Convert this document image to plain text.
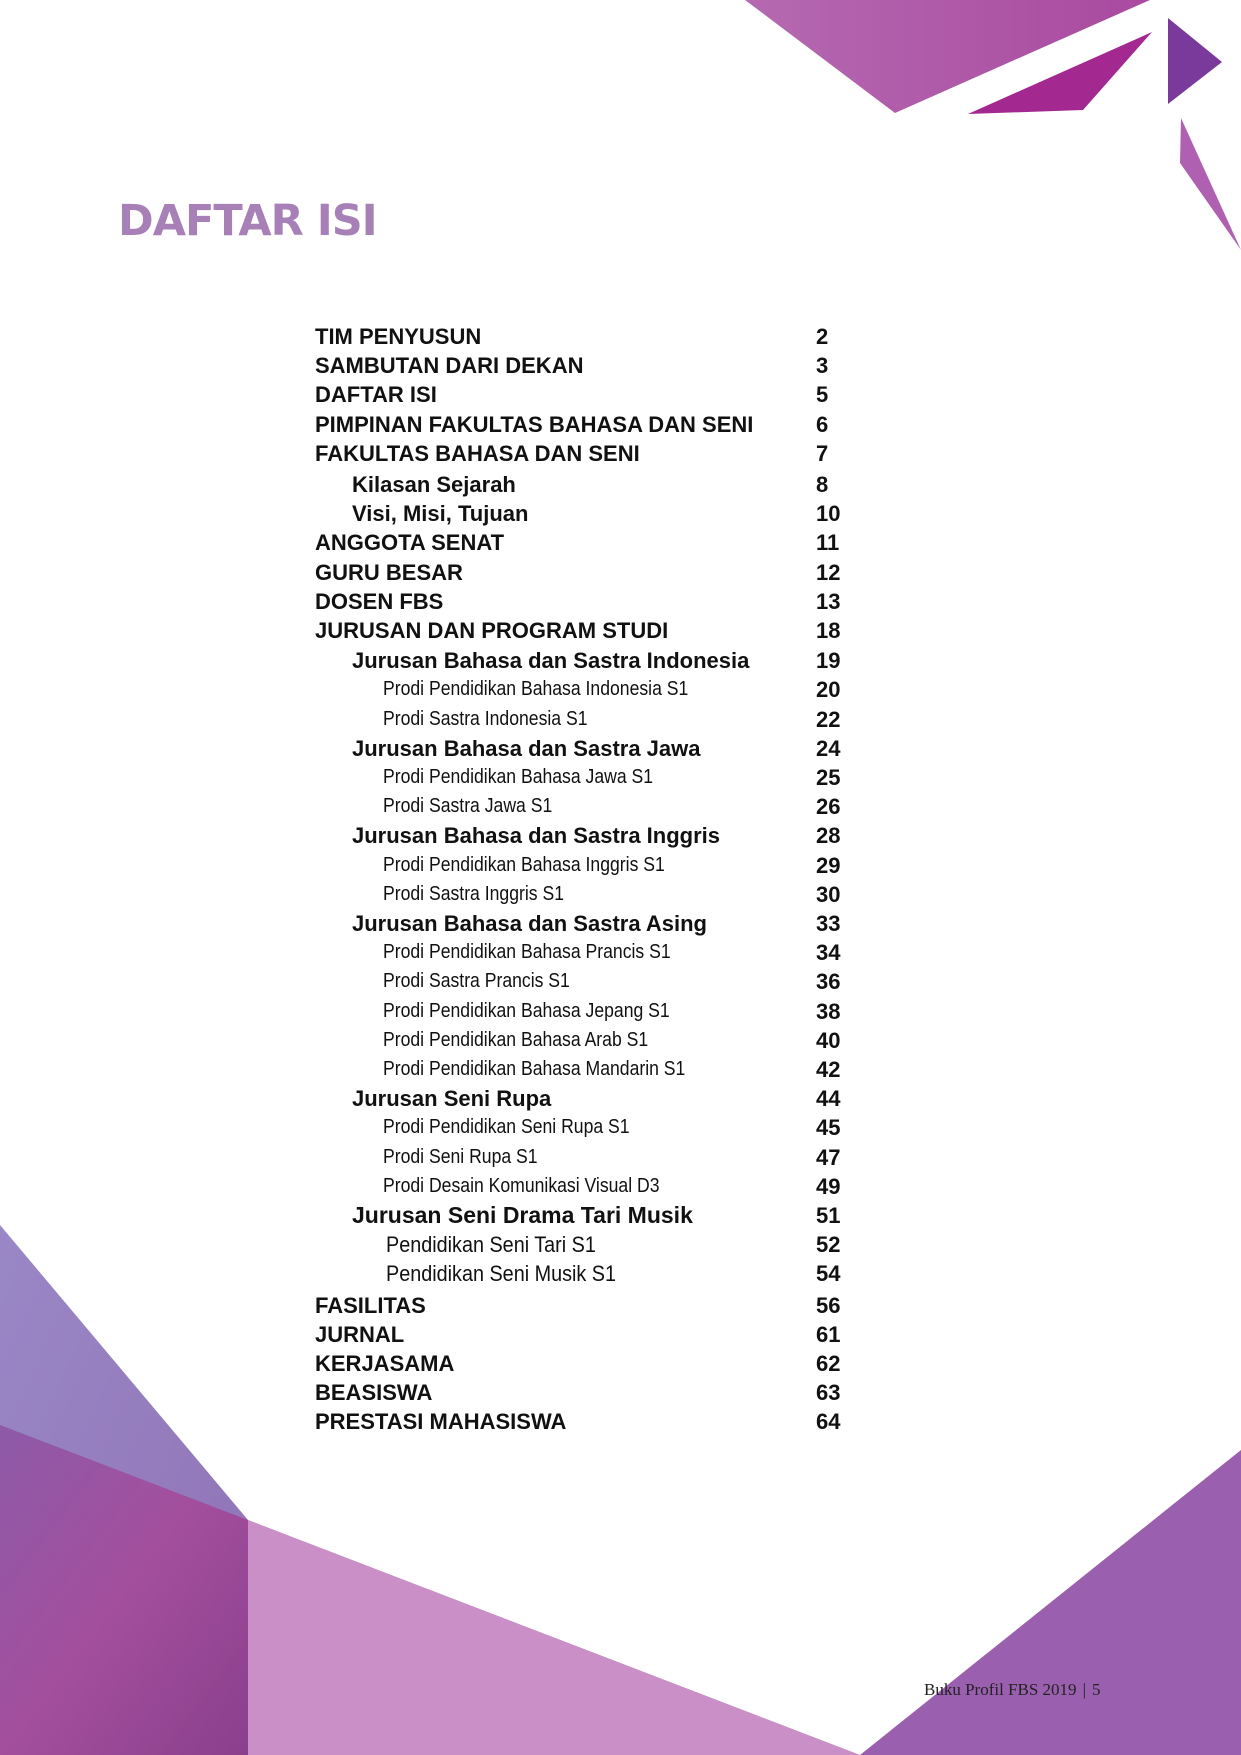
DAFTAR ISI
TIM PENYUSUN	2
SAMBUTAN DARI DEKAN	3
DAFTAR ISI	5
PIMPINAN FAKULTAS BAHASA DAN SENI	6
FAKULTAS BAHASA DAN SENI	7
Kilasan Sejarah	8
Visi, Misi, Tujuan	10
ANGGOTA SENAT	11
GURU BESAR	12
DOSEN FBS	13
JURUSAN DAN PROGRAM STUDI	18
Jurusan Bahasa dan Sastra Indonesia	19
Prodi Pendidikan Bahasa Indonesia S1	20
Prodi Sastra Indonesia S1	22
Jurusan Bahasa dan Sastra Jawa	24
Prodi Pendidikan Bahasa Jawa S1	25
Prodi Sastra Jawa S1	26
Jurusan Bahasa dan Sastra Inggris	28
Prodi Pendidikan Bahasa Inggris S1	29
Prodi Sastra Inggris S1	30
Jurusan Bahasa dan Sastra Asing	33
Prodi Pendidikan Bahasa Prancis S1	34
Prodi Sastra Prancis S1	36
Prodi Pendidikan Bahasa Jepang S1	38
Prodi Pendidikan Bahasa Arab S1	40
Prodi Pendidikan Bahasa Mandarin S1	42
Jurusan Seni Rupa	44
Prodi Pendidikan Seni Rupa S1	45
Prodi Seni Rupa S1	47
Prodi Desain Komunikasi Visual D3	49
Jurusan Seni Drama Tari Musik	51
Pendidikan Seni Tari S1	52
Pendidikan Seni Musik S1	54
FASILITAS	56
JURNAL	61
KERJASAMA	62
BEASISWA	63
PRESTASI MAHASISWA	64
Buku Profil FBS 2019 | 5
